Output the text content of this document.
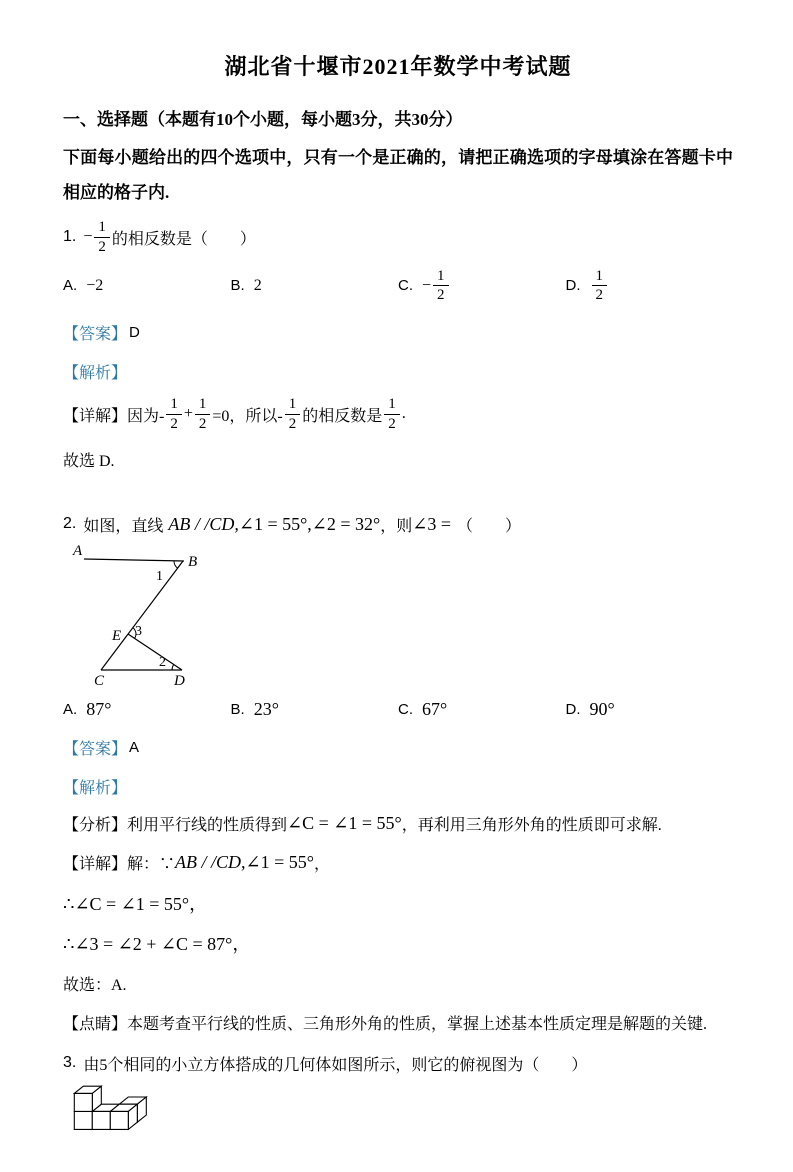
湖北省十堰市2021年数学中考试题
一、选择题（本题有10个小题，每小题3分，共30分）
下面每小题给出的四个选项中，只有一个是正确的，请把正确选项的字母填涂在答题卡中相应的格子内.
1. − $\frac{1}{2}$ 的相反数是（　　）
A. −2	B. 2	C. − $\frac{1}{2}$	D. $\frac{1}{2}$
【答案】 D
【解析】
【详解】 因为- $\frac{1}{2} + \frac{1}{2} =0$，所以- $\frac{1}{2}$ 的相反数是 $\frac{1}{2}$ .
故选 D.
2. 如图，直线 AB / /CD, ∠1 = 55°,∠2 = 32° ，则 ∠3 = （　　）
A
B
C	D
E
1
2
3
A. 87°	B. 23°	C. 67°	D. 90°
【答案】 A
【解析】
【分析】 利用平行线的性质得到 ∠C = ∠1 = 55° ，再利用三角形外角的性质即可求解.
【详解】 解：∵ AB / /CD, ∠1 = 55° ，
∴∠C = ∠1 = 55°，
∴∠3 = ∠2 + ∠C = 87°，
故选：A.
【点睛】 本题考查平行线的性质、三角形外角的性质，掌握上述基本性质定理是解题的关键.
3. 由5个相同的小立方体搭成的几何体如图所示，则它的俯视图为（　　）
